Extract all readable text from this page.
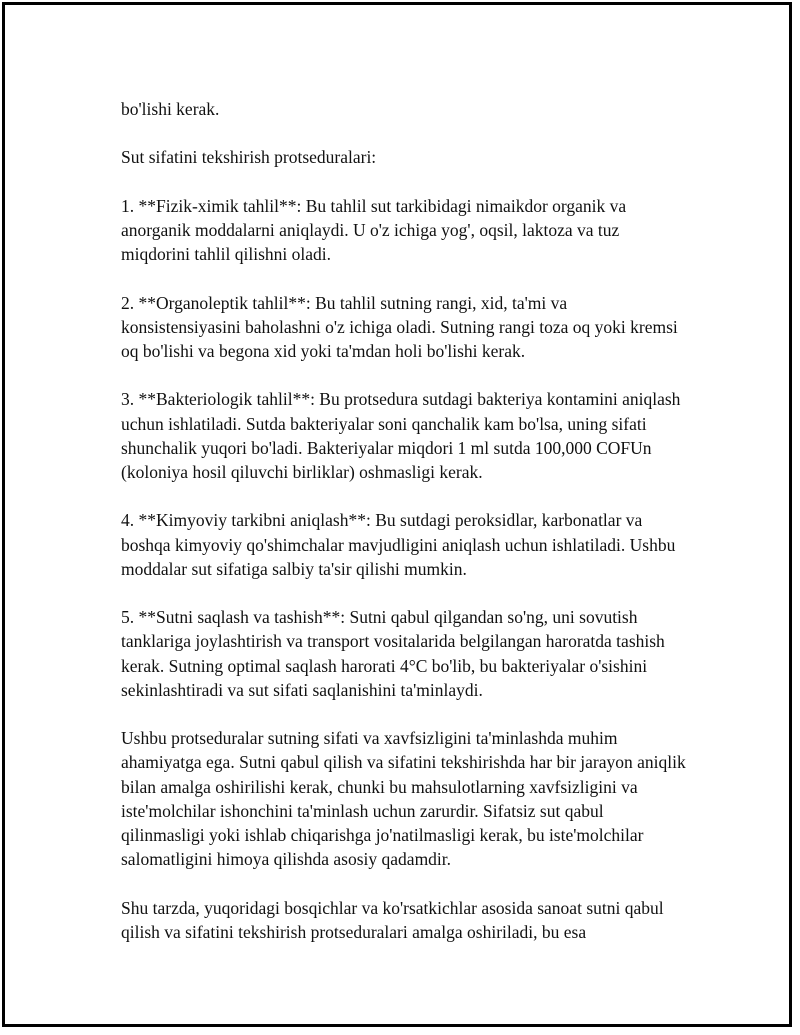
bo'lishi kerak.

Sut sifatini tekshirish protseduralari:

1. **Fizik-ximik tahlil**: Bu tahlil sut tarkibidagi nimaikdor organik va anorganik moddalarni aniqlaydi. U o'z ichiga yog', oqsil, laktoza va tuz miqdorini tahlil qilishni oladi.

2. **Organoleptik tahlil**: Bu tahlil sutning rangi, xid, ta'mi va konsistensiyasini baholashni o'z ichiga oladi. Sutning rangi toza oq yoki kremsi oq bo'lishi va begona xid yoki ta'mdan holi bo'lishi kerak.

3. **Bakteriologik tahlil**: Bu protsedura sutdagi bakteriya kontamini aniqlash uchun ishlatiladi. Sutda bakteriyalar soni qanchalik kam bo'lsa, uning sifati shunchalik yuqori bo'ladi. Bakteriyalar miqdori 1 ml sutda 100,000 COFUn (koloniya hosil qiluvchi birliklar) oshmasligi kerak.

4. **Kimyoviy tarkibni aniqlash**: Bu sutdagi peroksidlar, karbonatlar va boshqa kimyoviy qo'shimchalar mavjudligini aniqlash uchun ishlatiladi. Ushbu moddalar sut sifatiga salbiy ta'sir qilishi mumkin.

5. **Sutni saqlash va tashish**: Sutni qabul qilgandan so'ng, uni sovutish tanklariga joylashtirish va transport vositalarida belgilangan haroratda tashish kerak. Sutning optimal saqlash harorati 4°C bo'lib, bu bakteriyalar o'sishini sekinlashtiradi va sut sifati saqlanishini ta'minlaydi.

Ushbu protseduralar sutning sifati va xavfsizligini ta'minlashda muhim ahamiyatga ega. Sutni qabul qilish va sifatini tekshirishda har bir jarayon aniqlik bilan amalga oshirilishi kerak, chunki bu mahsulotlarning xavfsizligini va iste'molchilar ishonchini ta'minlash uchun zarurdir. Sifatsiz sut qabul qilinmasligi yoki ishlab chiqarishga jo'natilmasligi kerak, bu iste'molchilar salomatligini himoya qilishda asosiy qadamdir.

Shu tarzda, yuqoridagi bosqichlar va ko'rsatkichlar asosida sanoat sutni qabul qilish va sifatini tekshirish protseduralari amalga oshiriladi, bu esa
